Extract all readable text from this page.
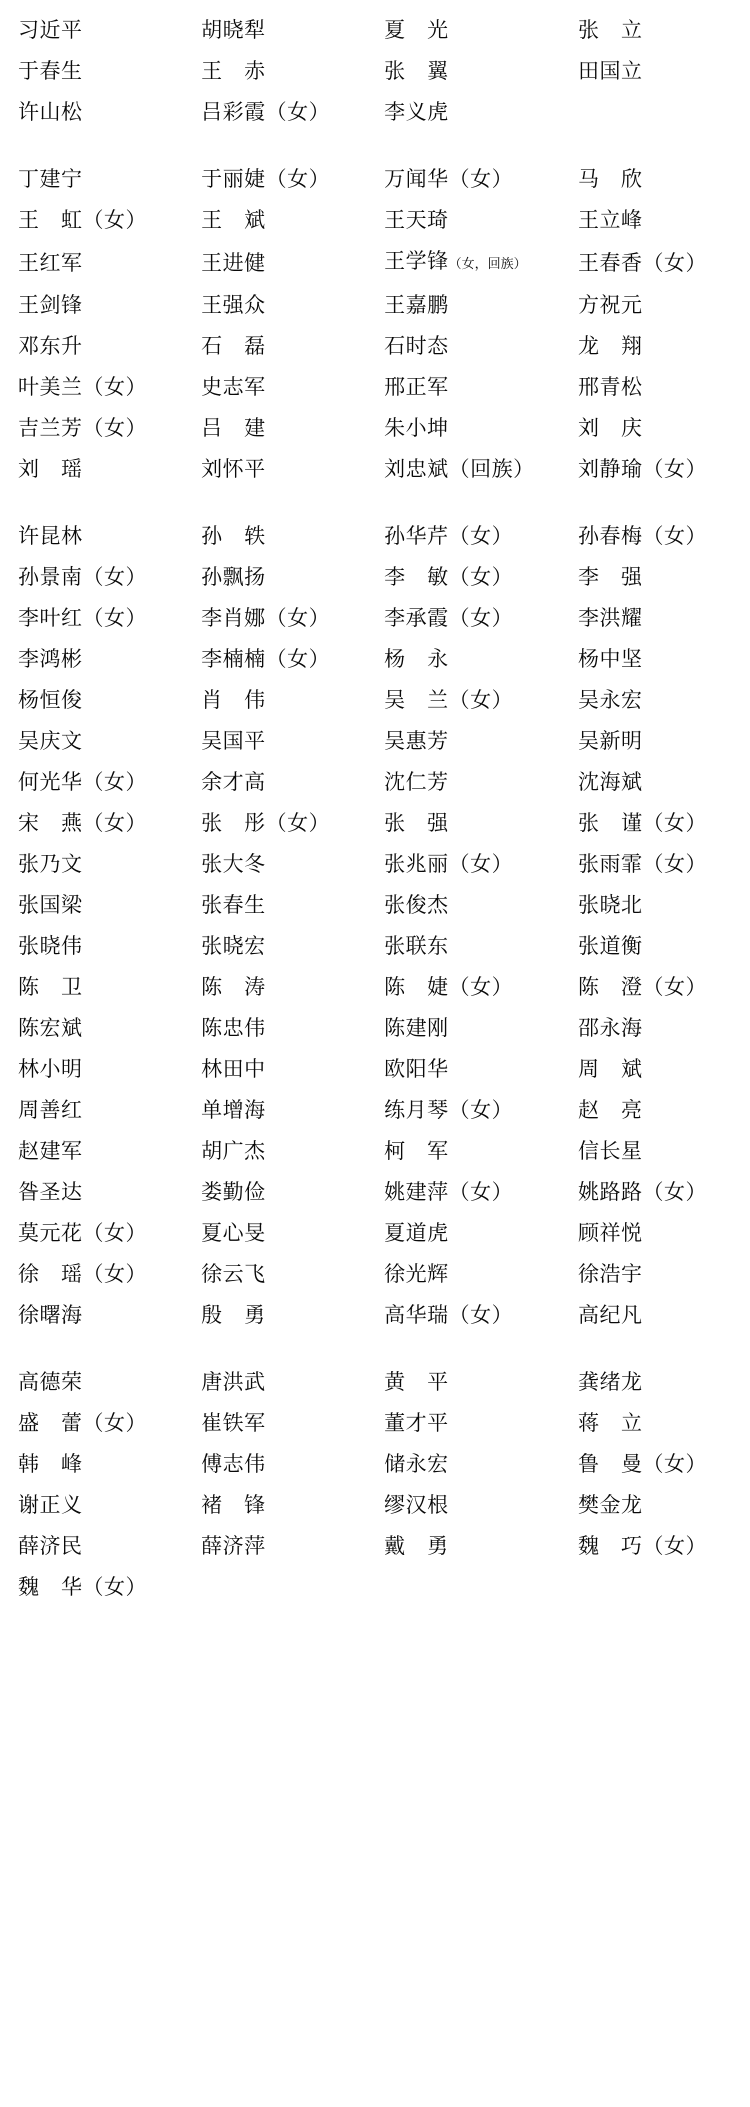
习近平	胡晓犁	夏　光	张　立
于春生	王　赤	张　翼	田国立
许山松	吕彩霞（女）	李义虎	

丁建宁	于丽婕（女）	万闻华（女）	马　欣
王　虹（女）	王　斌	王天琦	王立峰
王红军	王进健	王学锋（女，回族）	王春香（女）
王剑锋	王强众	王嘉鹏	方祝元
邓东升	石　磊	石时态	龙　翔
叶美兰（女）	史志军	邢正军	邢青松
吉兰芳（女）	吕　建	朱小坤	刘　庆
刘　瑶	刘怀平	刘忠斌（回族）	刘静瑜（女）

许昆林	孙　轶	孙华芹（女）	孙春梅（女）
孙景南（女）	孙飘扬	李　敏（女）	李　强
李叶红（女）	李肖娜（女）	李承霞（女）	李洪耀
李鸿彬	李楠楠（女）	杨　永	杨中坚
杨恒俊	肖　伟	吴　兰（女）	吴永宏
吴庆文	吴国平	吴惠芳	吴新明
何光华（女）	余才高	沈仁芳	沈海斌
宋　燕（女）	张　彤（女）	张　强	张　谨（女）
张乃文	张大冬	张兆丽（女）	张雨霏（女）
张国梁	张春生	张俊杰	张晓北
张晓伟	张晓宏	张联东	张道衡
陈　卫	陈　涛	陈　婕（女）	陈　澄（女）
陈宏斌	陈忠伟	陈建刚	邵永海
林小明	林田中	欧阳华	周　斌
周善红	单增海	练月琴（女）	赵　亮
赵建军	胡广杰	柯　军	信长星
昝圣达	娄勤俭	姚建萍（女）	姚路路（女）
莫元花（女）	夏心旻	夏道虎	顾祥悦
徐　瑶（女）	徐云飞	徐光辉	徐浩宇
徐曙海	殷　勇	高华瑞（女）	高纪凡

高德荣	唐洪武	黄　平	龚绪龙
盛　蕾（女）	崔铁军	董才平	蒋　立
韩　峰	傅志伟	储永宏	鲁　曼（女）
谢正义	褚　锋	缪汉根	樊金龙
薛济民	薛济萍	戴　勇	魏　巧（女）
魏　华（女）			
